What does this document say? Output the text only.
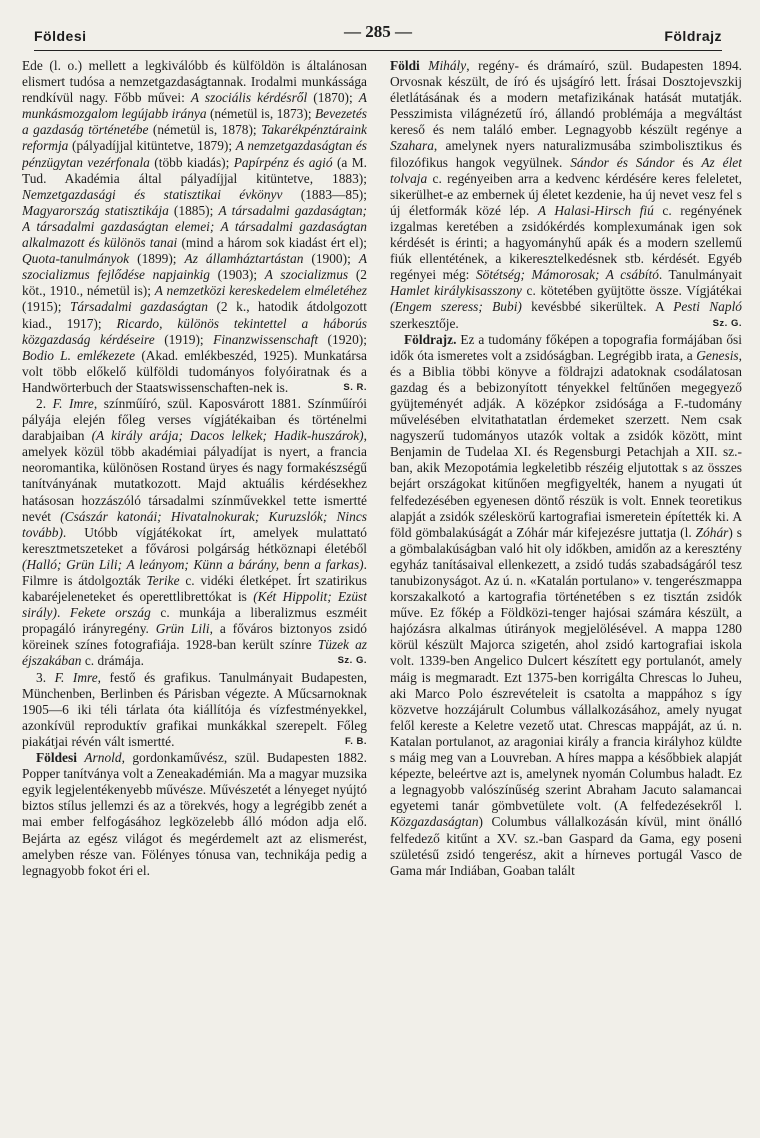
Földesi	— 285 —	Földrajz

Ede (l. o.) mellett a legkiválóbb és külföldön is általánosan elismert tudósa a nemzetgazdaságtannak. Irodalmi munkássága rendkívül nagy. Főbb művei: A szociális kérdésről (1870); A munkásmozgalom legújabb iránya (németül is, 1873); Bevezetés a gazdaság történetébe (németül is, 1878); Takarékpénztáraink reformja (pályadíjjal kitüntetve, 1879); A nemzetgazdaságtan és pénzügytan vezérfonala (több kiadás); Papírpénz és agió (a M. Tud. Akadémia által pályadíjjal kitüntetve, 1883); Nemzetgazdasági és statisztikai évkönyv (1883—85); Magyarország statisztikája (1885); A társadalmi gazdaságtan; A társadalmi gazdaságtan elemei; A társadalmi gazdaságtan alkalmazott és különös tanai (mind a három sok kiadást ért el); Quota-tanulmányok (1899); Az államháztartástan (1900); A szocializmus fejlődése napjainkig (1903); A szocializmus (2 köt., 1910., németül is); A nemzetközi kereskedelem elméletéhez (1915); Társadalmi gazdaságtan (2 k., hatodik átdolgozott kiad., 1917); Ricardo, különös tekintettel a háborús közgazdaság kérdéseire (1919); Finanzwissenschaft (1920); Bodio L. emlékezete (Akad. emlékbeszéd, 1925). Munkatársa volt több előkelő külföldi tudományos folyóiratnak és a Handwörterbuch der Staatswissenschaften-nek is.	S. R.

2. F. Imre, színműíró, szül. Kaposvárott 1881. Színműírói pályája elején főleg verses vígjátékaiban és történelmi darabjaiban (A király arája; Dacos lelkek; Hadik-huszárok), amelyek közül több akadémiai pályadíjat is nyert, a francia neoromantika, különösen Rostand üryes és nagy formakészségű tanítványának mutatkozott. Majd aktuális kérdésekhez hatásosan hozzászóló társadalmi színművekkel tette ismertté nevét (Császár katonái; Hivatalnokurak; Kuruzslók; Nincs tovább). Utóbb vígjátékokat írt, amelyek mulattató keresztmetszeteket a fővárosi polgárság hétköznapi életéből (Halló; Grün Lili; A leányom; Künn a bárány, benn a farkas). Filmre is átdolgozták Terike c. vidéki életképet. Írt szatirikus kabaréjeleneteket és operettlibrettókat is (Két Hippolit; Ezüst sirály). Fekete ország c. munkája a liberalizmus eszméit propagáló irányregény. Grün Lili, a főváros biztonyos zsidó köreinek színes fotografiája. 1928-ban került színre Tüzek az éjszakában c. drámája.	Sz. G.

3. F. Imre, festő és grafikus. Tanulmányait Budapesten, Münchenben, Berlinben és Párisban végezte. A Műcsarnoknak 1905—6 iki téli tárlata óta kiállítója és vízfestményekkel, azonkívül reproduktív grafikai munkákkal szerepelt. Főleg piakátjai révén vált ismertté.	F. B.

Földesi Arnold, gordonkaművész, szül. Budapesten 1882. Popper tanítványa volt a Zeneakadémián. Ma a magyar muzsika egyik legjelentékenyebb művésze. Művészetét a lényeget nyújtó biztos stílus jellemzi és az a törekvés, hogy a legrégibb zenét a mai ember felfogásához legközelebb álló módon adja elő. Bejárta az egész világot és megérdemelt azt az elismerést, amelyben része van. Fölényes tónusa van, technikája pedig a legnagyobb fokot éri el.

Földi Mihály, regény- és drámaíró, szül. Budapesten 1894. Orvosnak készült, de író és ujságíró lett. Írásai Dosztojevszkij életlátásának és a modern metafizikának hatását mutatják. Pesszimista világnézetű író, állandó problémája a megváltást kereső és nem találó ember. Legnagyobb készült regénye a Szahara, amelynek nyers naturalizmusába szimbolisztikus és filozófikus hangok vegyülnek. Sándor és Sándor és Az élet tolvaja c. regényeiben arra a kedvenc kérdésére keres feleletet, sikerülhet-e az embernek új életet kezdenie, ha új nevet vesz fel s új életformák közé lép. A Halasi-Hirsch fiú c. regényének izgalmas keretében a zsidókérdés komplexumának igen sok kérdését is érinti; a hagyományhű apák és a modern szellemű fiúk ellentétének, a kikeresztelkedésnek stb. kérdését. Egyéb regényei még: Sötétség; Mámorosak; A csábító. Tanulmányait Hamlet királykisasszony c. kötetében gyüjtötte össze. Vígjátékai (Engem szeress; Bubi) kevésbbé sikerültek. A Pesti Napló szerkesztője.	Sz. G.

Földrajz. Ez a tudomány főképen a topografia formájában ősi idők óta ismeretes volt a zsidóságban. Legrégibb irata, a Genesis, és a Biblia többi könyve a földrajzi adatoknak csodálatosan gazdag és a bebizonyított tényekkel feltűnően megegyező gyüjteményét adják. A középkor zsidósága a F.-tudomány művelésében elvitathatatlan érdemeket szerzett. Nem csak nagyszerű tudományos utazók voltak a zsidók között, mint Benjamin de Tudelaa XI. és Regensburgi Petachjah a XII. sz.-ban, akik Mezopotámia legkeletibb részéig eljutottak s az összes bejárt országokat kitűnően megfigyelték, hanem a nyugati út felfedezésében egyenesen döntő részük is volt. Ennek teoretikus alapját a zsidók széleskörű kartografiai ismeretein építették ki. A föld gömbalakúságát a Zóhár már kifejezésre juttatja (l. Zóhár) s a gömbalakúságban való hit oly időkben, amidőn az a keresztény egyház tanításaival ellenkezett, a zsidó tudás szabadságáról tesz tanubizonyságot. Az ú. n. «Katalán portulano» v. tengerészmappa korszakalkotó a kartografia történetében s ez tisztán zsidók műve. Ez főkép a Földközi-tenger hajósai számára készült, a hajózásra alkalmas útirányok megjelölésével. A mappa 1280 körül készült Majorca szigetén, ahol zsidó kartografiai iskola volt. 1339-ben Angelico Dulcert készített egy portulanót, amely máig is megmaradt. Ezt 1375-ben korrigálta Chrescas lo Juheu, aki Marco Polo észrevételeit is csatolta a mappához s így közvetve hozzájárult Columbus vállalkozásához, amely nyugat felől kereste a Keletre vezető utat. Chrescas mappáját, az ú. n. Katalan portulanot, az aragoniai király a francia királyhoz küldte s máig meg van a Louvreban. A híres mappa a későbbiek alapját képezte, beleértve azt is, amelynek nyomán Columbus haladt. Ez a legnagyobb valószínűség szerint Abraham Jacuto salamancai egyetemi tanár gömbvetülete volt. (A felfedezésekről l. Közgazdaságtan) Columbus vállalkozásán kívül, mint önálló felfedező kitűnt a XV. sz.-ban Gaspard da Gama, egy poseni születésű zsidó tengerész, akit a hírneves portugál Vasco de Gama már Indiában, Goaban talált
